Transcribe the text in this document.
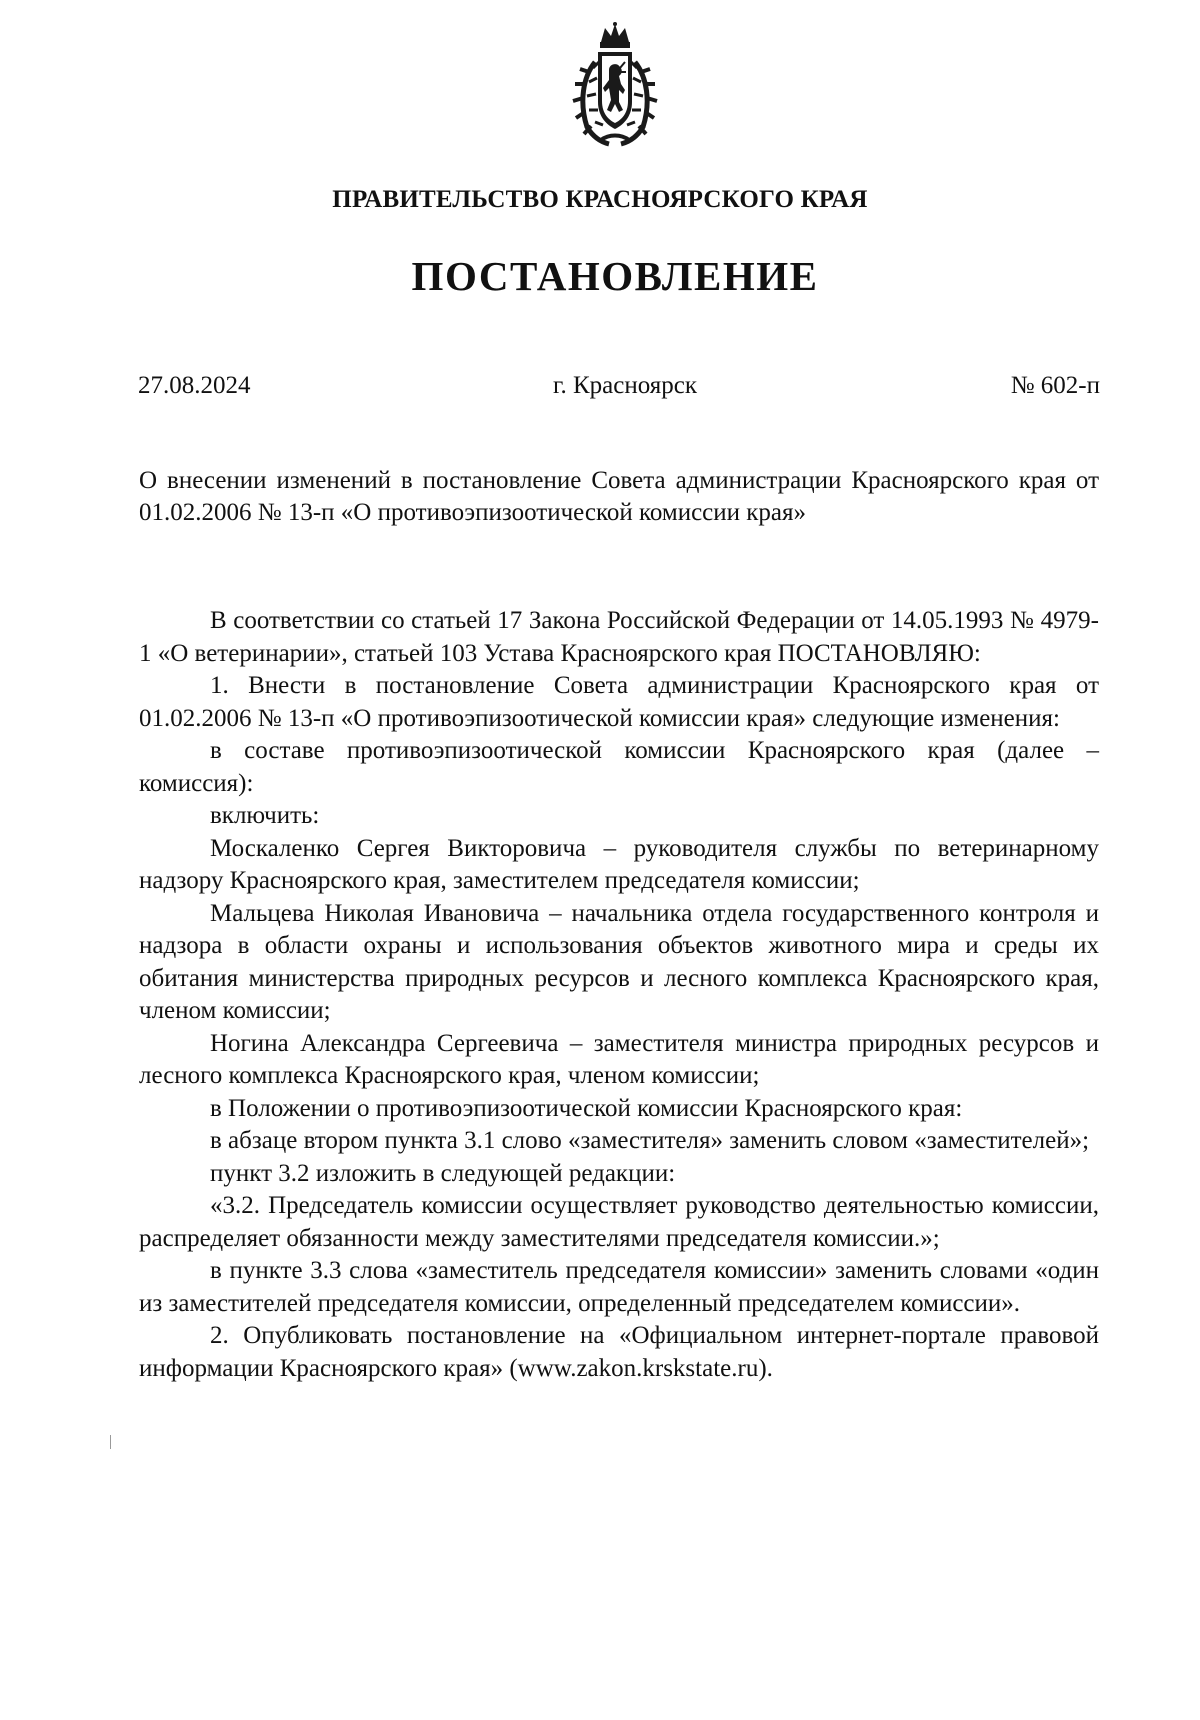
ПРАВИТЕЛЬСТВО КРАСНОЯРСКОГО КРАЯ
ПОСТАНОВЛЕНИЕ
27.08.2024	г. Красноярск	№ 602-п
О внесении изменений в постановление Совета администрации Красноярского края от 01.02.2006 № 13-п «О противоэпизоотической комиссии края»

В соответствии со статьей 17 Закона Российской Федерации от 14.05.1993 № 4979-1 «О ветеринарии», статьей 103 Устава Красноярского края ПОСТАНОВЛЯЮ:

1. Внести в постановление Совета администрации Красноярского края от 01.02.2006 № 13-п «О противоэпизоотической комиссии края» следующие изменения:

в составе противоэпизоотической комиссии Красноярского края (далее – комиссия):

включить:

Москаленко Сергея Викторовича – руководителя службы по ветеринарному надзору Красноярского края, заместителем председателя комиссии;

Мальцева Николая Ивановича – начальника отдела государственного контроля и надзора в области охраны и использования объектов животного мира и среды их обитания министерства природных ресурсов и лесного комплекса Красноярского края, членом комиссии;

Ногина Александра Сергеевича – заместителя министра природных ресурсов и лесного комплекса Красноярского края, членом комиссии;

в Положении о противоэпизоотической комиссии Красноярского края:

в абзаце втором пункта 3.1 слово «заместителя» заменить словом «заместителей»;

пункт 3.2 изложить в следующей редакции:

«3.2. Председатель комиссии осуществляет руководство деятельностью комиссии, распределяет обязанности между заместителями председателя комиссии.»;

в пункте 3.3 слова «заместитель председателя комиссии» заменить словами «один из заместителей председателя комиссии, определенный председателем комиссии».

2. Опубликовать постановление на «Официальном интернет-портале правовой информации Красноярского края» (www.zakon.krskstate.ru).
